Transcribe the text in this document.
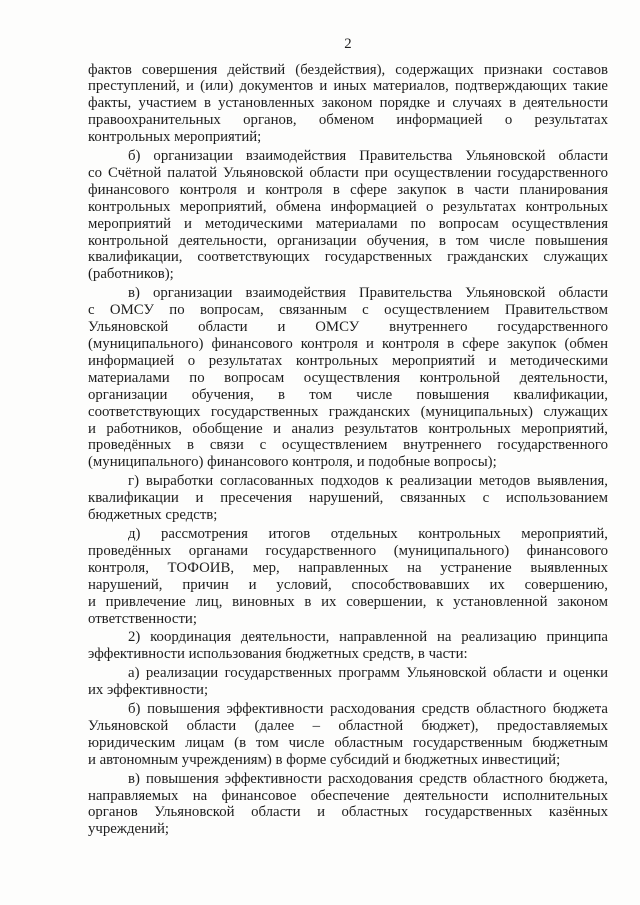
2
фактов совершения действий (бездействия), содержащих признаки составов
преступлений, и (или) документов и иных материалов, подтверждающих такие
факты, участием в установленных законом порядке и случаях в деятельности
правоохранительных органов, обменом информацией о результатах
контрольных мероприятий;
б) организации взаимодействия Правительства Ульяновской области
со Счётной палатой Ульяновской области при осуществлении государственного
финансового контроля и контроля в сфере закупок в части планирования
контрольных мероприятий, обмена информацией о результатах контрольных
мероприятий и методическими материалами по вопросам осуществления
контрольной деятельности, организации обучения, в том числе повышения
квалификации, соответствующих государственных гражданских служащих
(работников);
в) организации взаимодействия Правительства Ульяновской области
с ОМСУ по вопросам, связанным с осуществлением Правительством
Ульяновской области и ОМСУ внутреннего государственного
(муниципального) финансового контроля и контроля в сфере закупок (обмен
информацией о результатах контрольных мероприятий и методическими
материалами по вопросам осуществления контрольной деятельности,
организации обучения, в том числе повышения квалификации,
соответствующих государственных гражданских (муниципальных) служащих
и работников, обобщение и анализ результатов контрольных мероприятий,
проведённых в связи с осуществлением внутреннего государственного
(муниципального) финансового контроля, и подобные вопросы);
г) выработки согласованных подходов к реализации методов выявления,
квалификации и пресечения нарушений, связанных с использованием
бюджетных средств;
д) рассмотрения итогов отдельных контрольных мероприятий,
проведённых органами государственного (муниципального) финансового
контроля, ТОФОИВ, мер, направленных на устранение выявленных
нарушений, причин и условий, способствовавших их совершению,
и привлечение лиц, виновных в их совершении, к установленной законом
ответственности;
2) координация деятельности, направленной на реализацию принципа
эффективности использования бюджетных средств, в части:
а) реализации государственных программ Ульяновской области и оценки
их эффективности;
б) повышения эффективности расходования средств областного бюджета
Ульяновской области (далее – областной бюджет), предоставляемых
юридическим лицам (в том числе областным государственным бюджетным
и автономным учреждениям) в форме субсидий и бюджетных инвестиций;
в) повышения эффективности расходования средств областного бюджета,
направляемых на финансовое обеспечение деятельности исполнительных
органов Ульяновской области и областных государственных казённых
учреждений;
